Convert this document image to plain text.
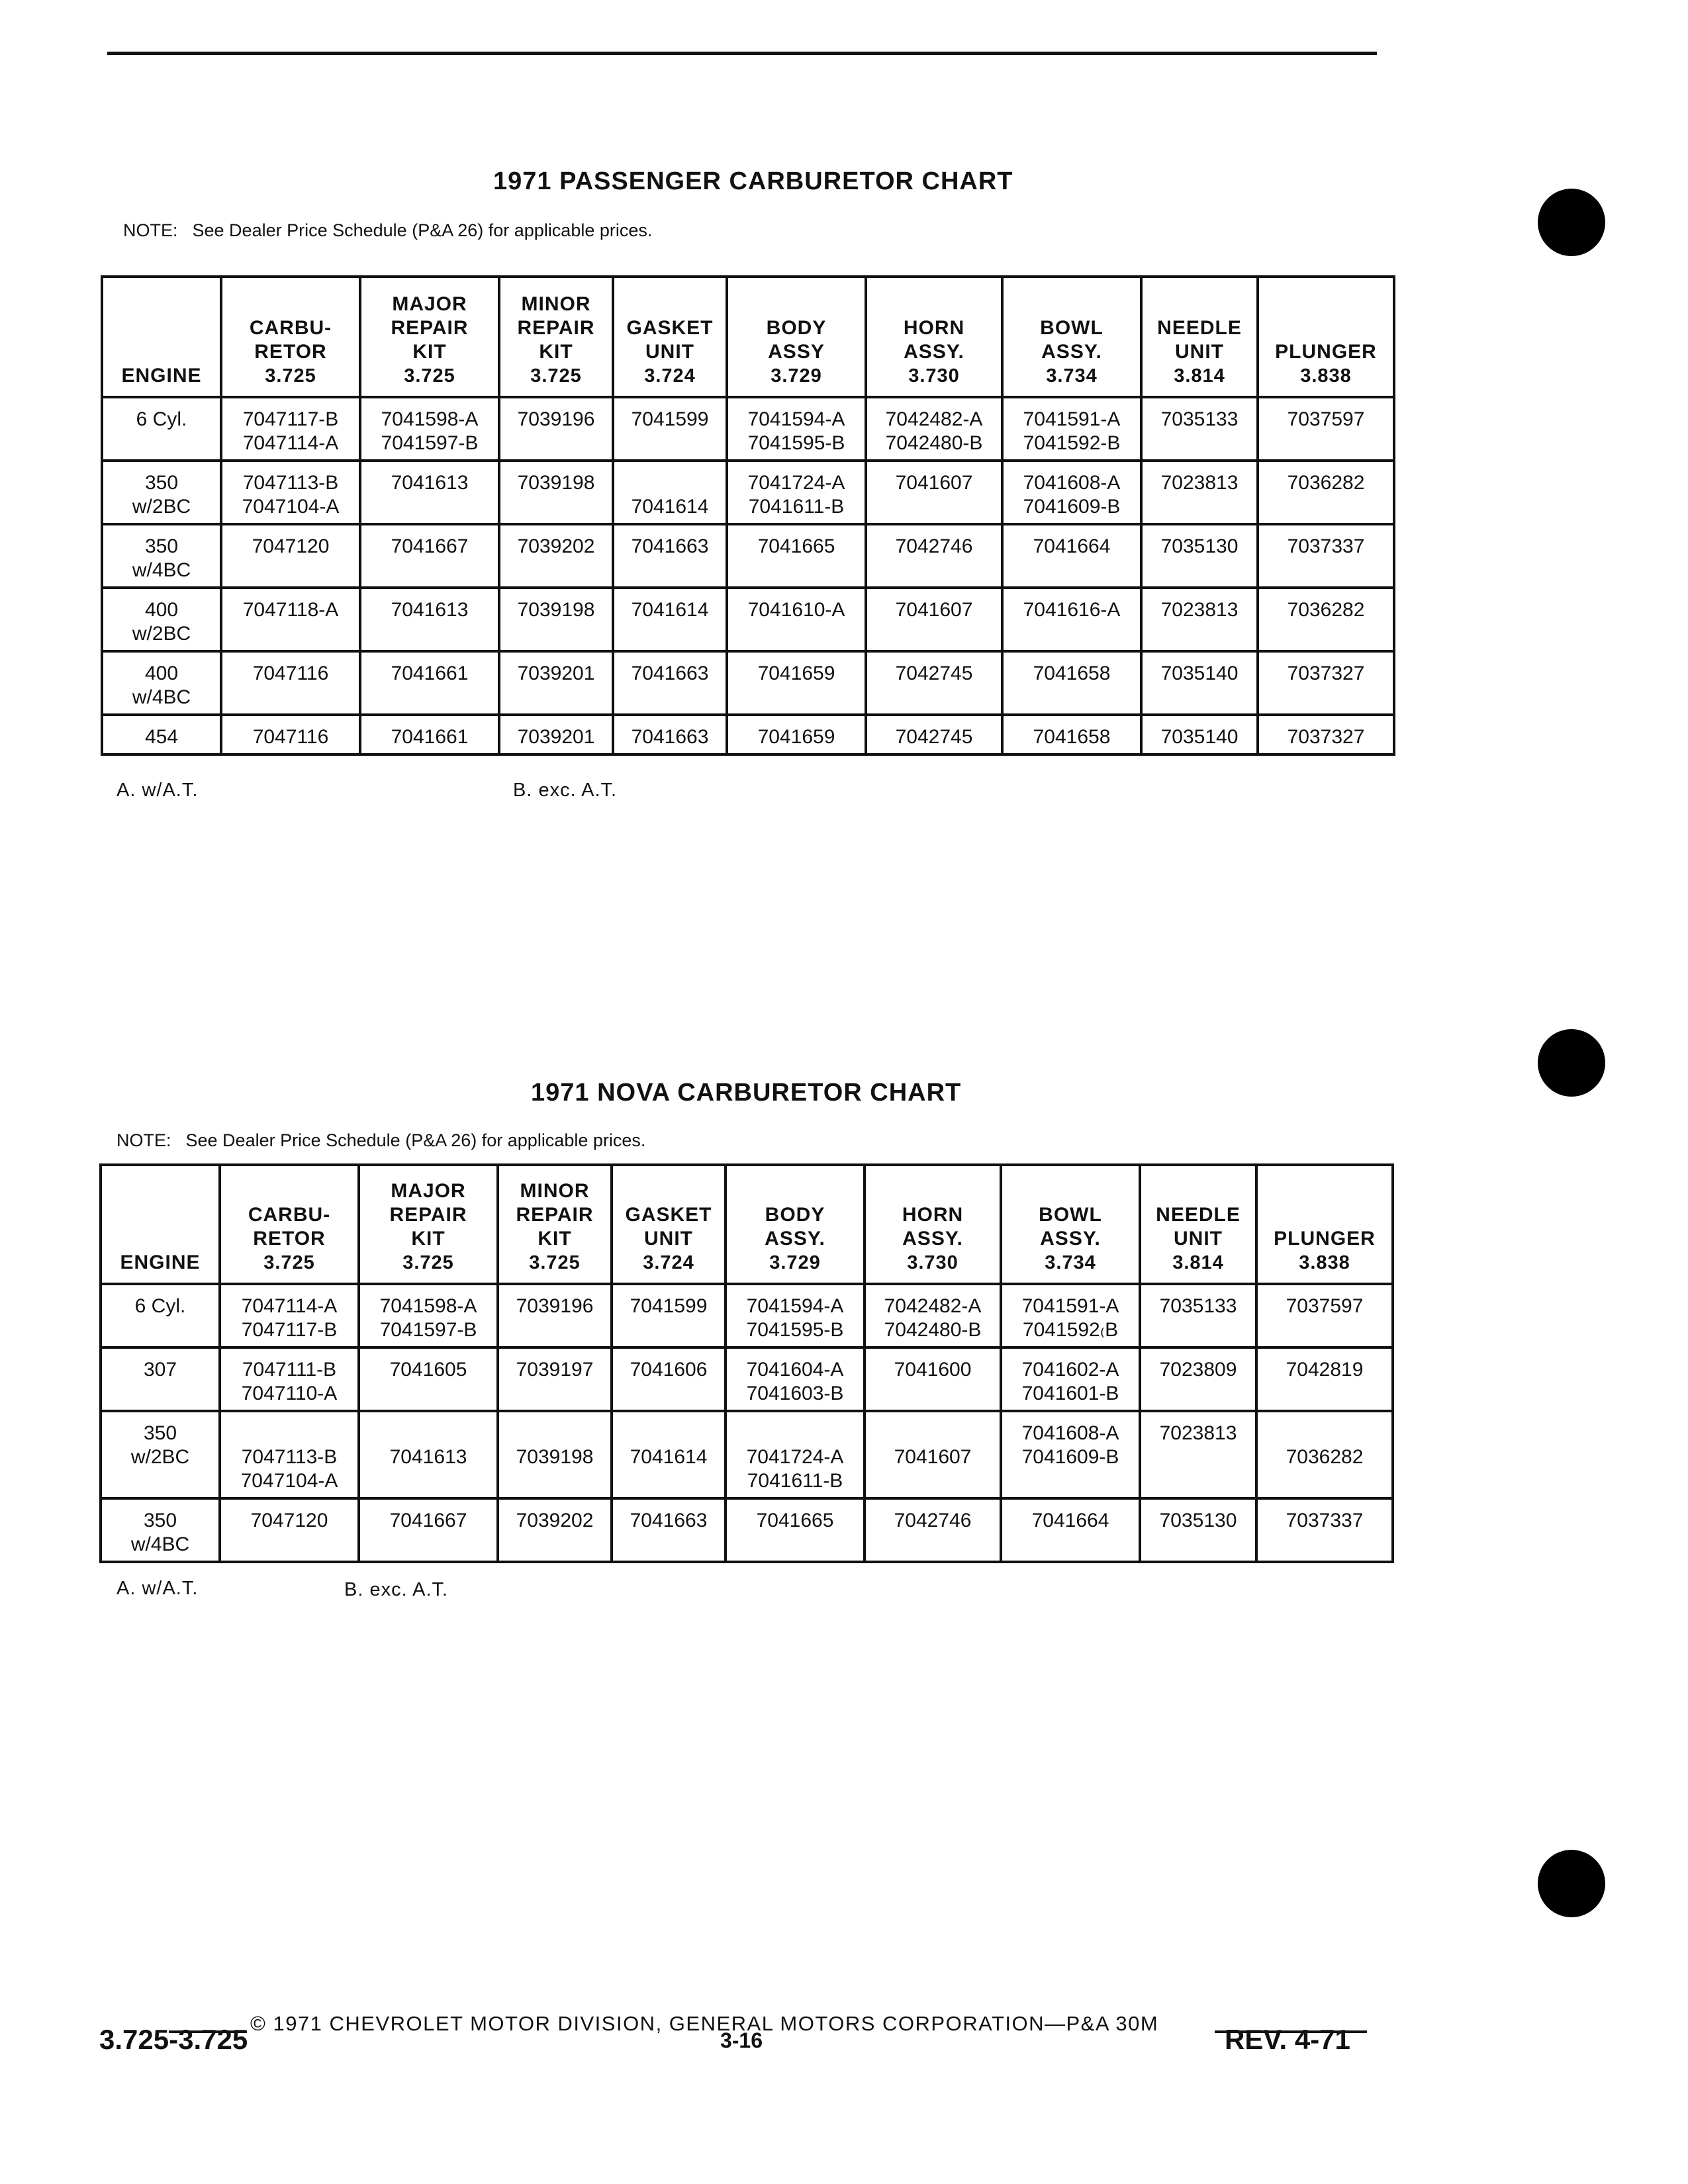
1971 PASSENGER CARBURETOR CHART
NOTE: See Dealer Price Schedule (P&A 26) for applicable prices.
ENGINE	CARBU-
RETOR
3.725	MAJOR
REPAIR
KIT
3.725	MINOR
REPAIR
KIT
3.725	GASKET
UNIT
3.724	BODY
ASSY
3.729	HORN
ASSY.
3.730	BOWL
ASSY.
3.734	NEEDLE
UNIT
3.814	PLUNGER
3.838

6 Cyl.	7047117-B
7047114-A	7041598-A
7041597-B	7039196	7041599	7041594-A
7041595-B	7042482-A
7042480-B	7041591-A
7041592-B	7035133	7037597

350
w/2BC	7047113-B
7047104-A	7041613	7039198	7041614	7041724-A
7041611-B	7041607	7041608-A
7041609-B	7023813	7036282

350
w/4BC	7047120	7041667	7039202	7041663	7041665	7042746	7041664	7035130	7037337

400
w/2BC	7047118-A	7041613	7039198	7041614	7041610-A	7041607	7041616-A	7023813	7036282

400
w/4BC	7047116	7041661	7039201	7041663	7041659	7042745	7041658	7035140	7037327

454	7047116	7041661	7039201	7041663	7041659	7042745	7041658	7035140	7037327
A. w/A.T.	B. exc. A.T.
1971 NOVA CARBURETOR CHART
NOTE: See Dealer Price Schedule (P&A 26) for applicable prices.
ENGINE	CARBU-
RETOR
3.725	MAJOR
REPAIR
KIT
3.725	MINOR
REPAIR
KIT
3.725	GASKET
UNIT
3.724	BODY
ASSY.
3.729	HORN
ASSY.
3.730	BOWL
ASSY.
3.734	NEEDLE
UNIT
3.814	PLUNGER
3.838

6 Cyl.	7047114-A
7047117-B	7041598-A
7041597-B	7039196	7041599	7041594-A
7041595-B	7042482-A
7042480-B	7041591-A
7041592₍B	7035133	7037597

307	7047111-B
7047110-A	7041605	7039197	7041606	7041604-A
7041603-B	7041600	7041602-A
7041601-B	7023809	7042819

350
w/2BC	7047113-B
7047104-A	7041613	7039198	7041614	7041724-A
7041611-B	7041607	7041608-A
7041609-B	7023813	7036282

350
w/4BC	7047120	7041667	7039202	7041663	7041665	7042746	7041664	7035130	7037337
A. w/A.T.	B. exc. A.T.
© 1971 CHEVROLET MOTOR DIVISION, GENERAL MOTORS CORPORATION—P&A 30M
3.725-3.725	3-16	REV. 4-71
